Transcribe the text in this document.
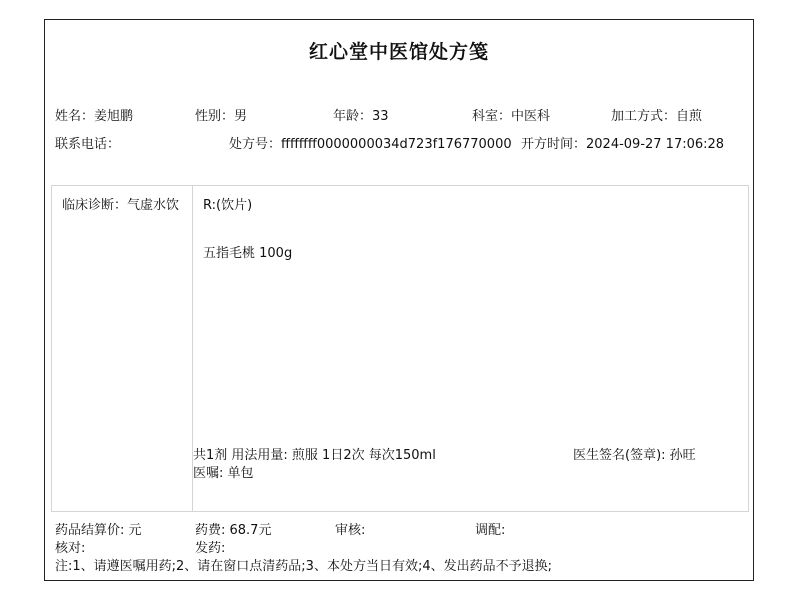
红心堂中医馆处方笺
姓名：姜旭鹏	性别：男	年龄：33	科室：中医科	加工方式：自煎
联系电话：	处方号：ffffffff0000000034d723f176770000 开方时间：2024-09-27 17:06:28
临床诊断：气虚水饮 R:(饮片)
五指毛桃 100g
共1剂 用法用量: 煎服 1日2次 每次150ml	医生签名(签章): 孙旺
医嘱: 单包
药品结算价: 元	药费: 68.7元	审核:	调配:
核对:	发药:
注:1、请遵医嘱用药;2、请在窗口点清药品;3、本处方当日有效;4、发出药品不予退换;
